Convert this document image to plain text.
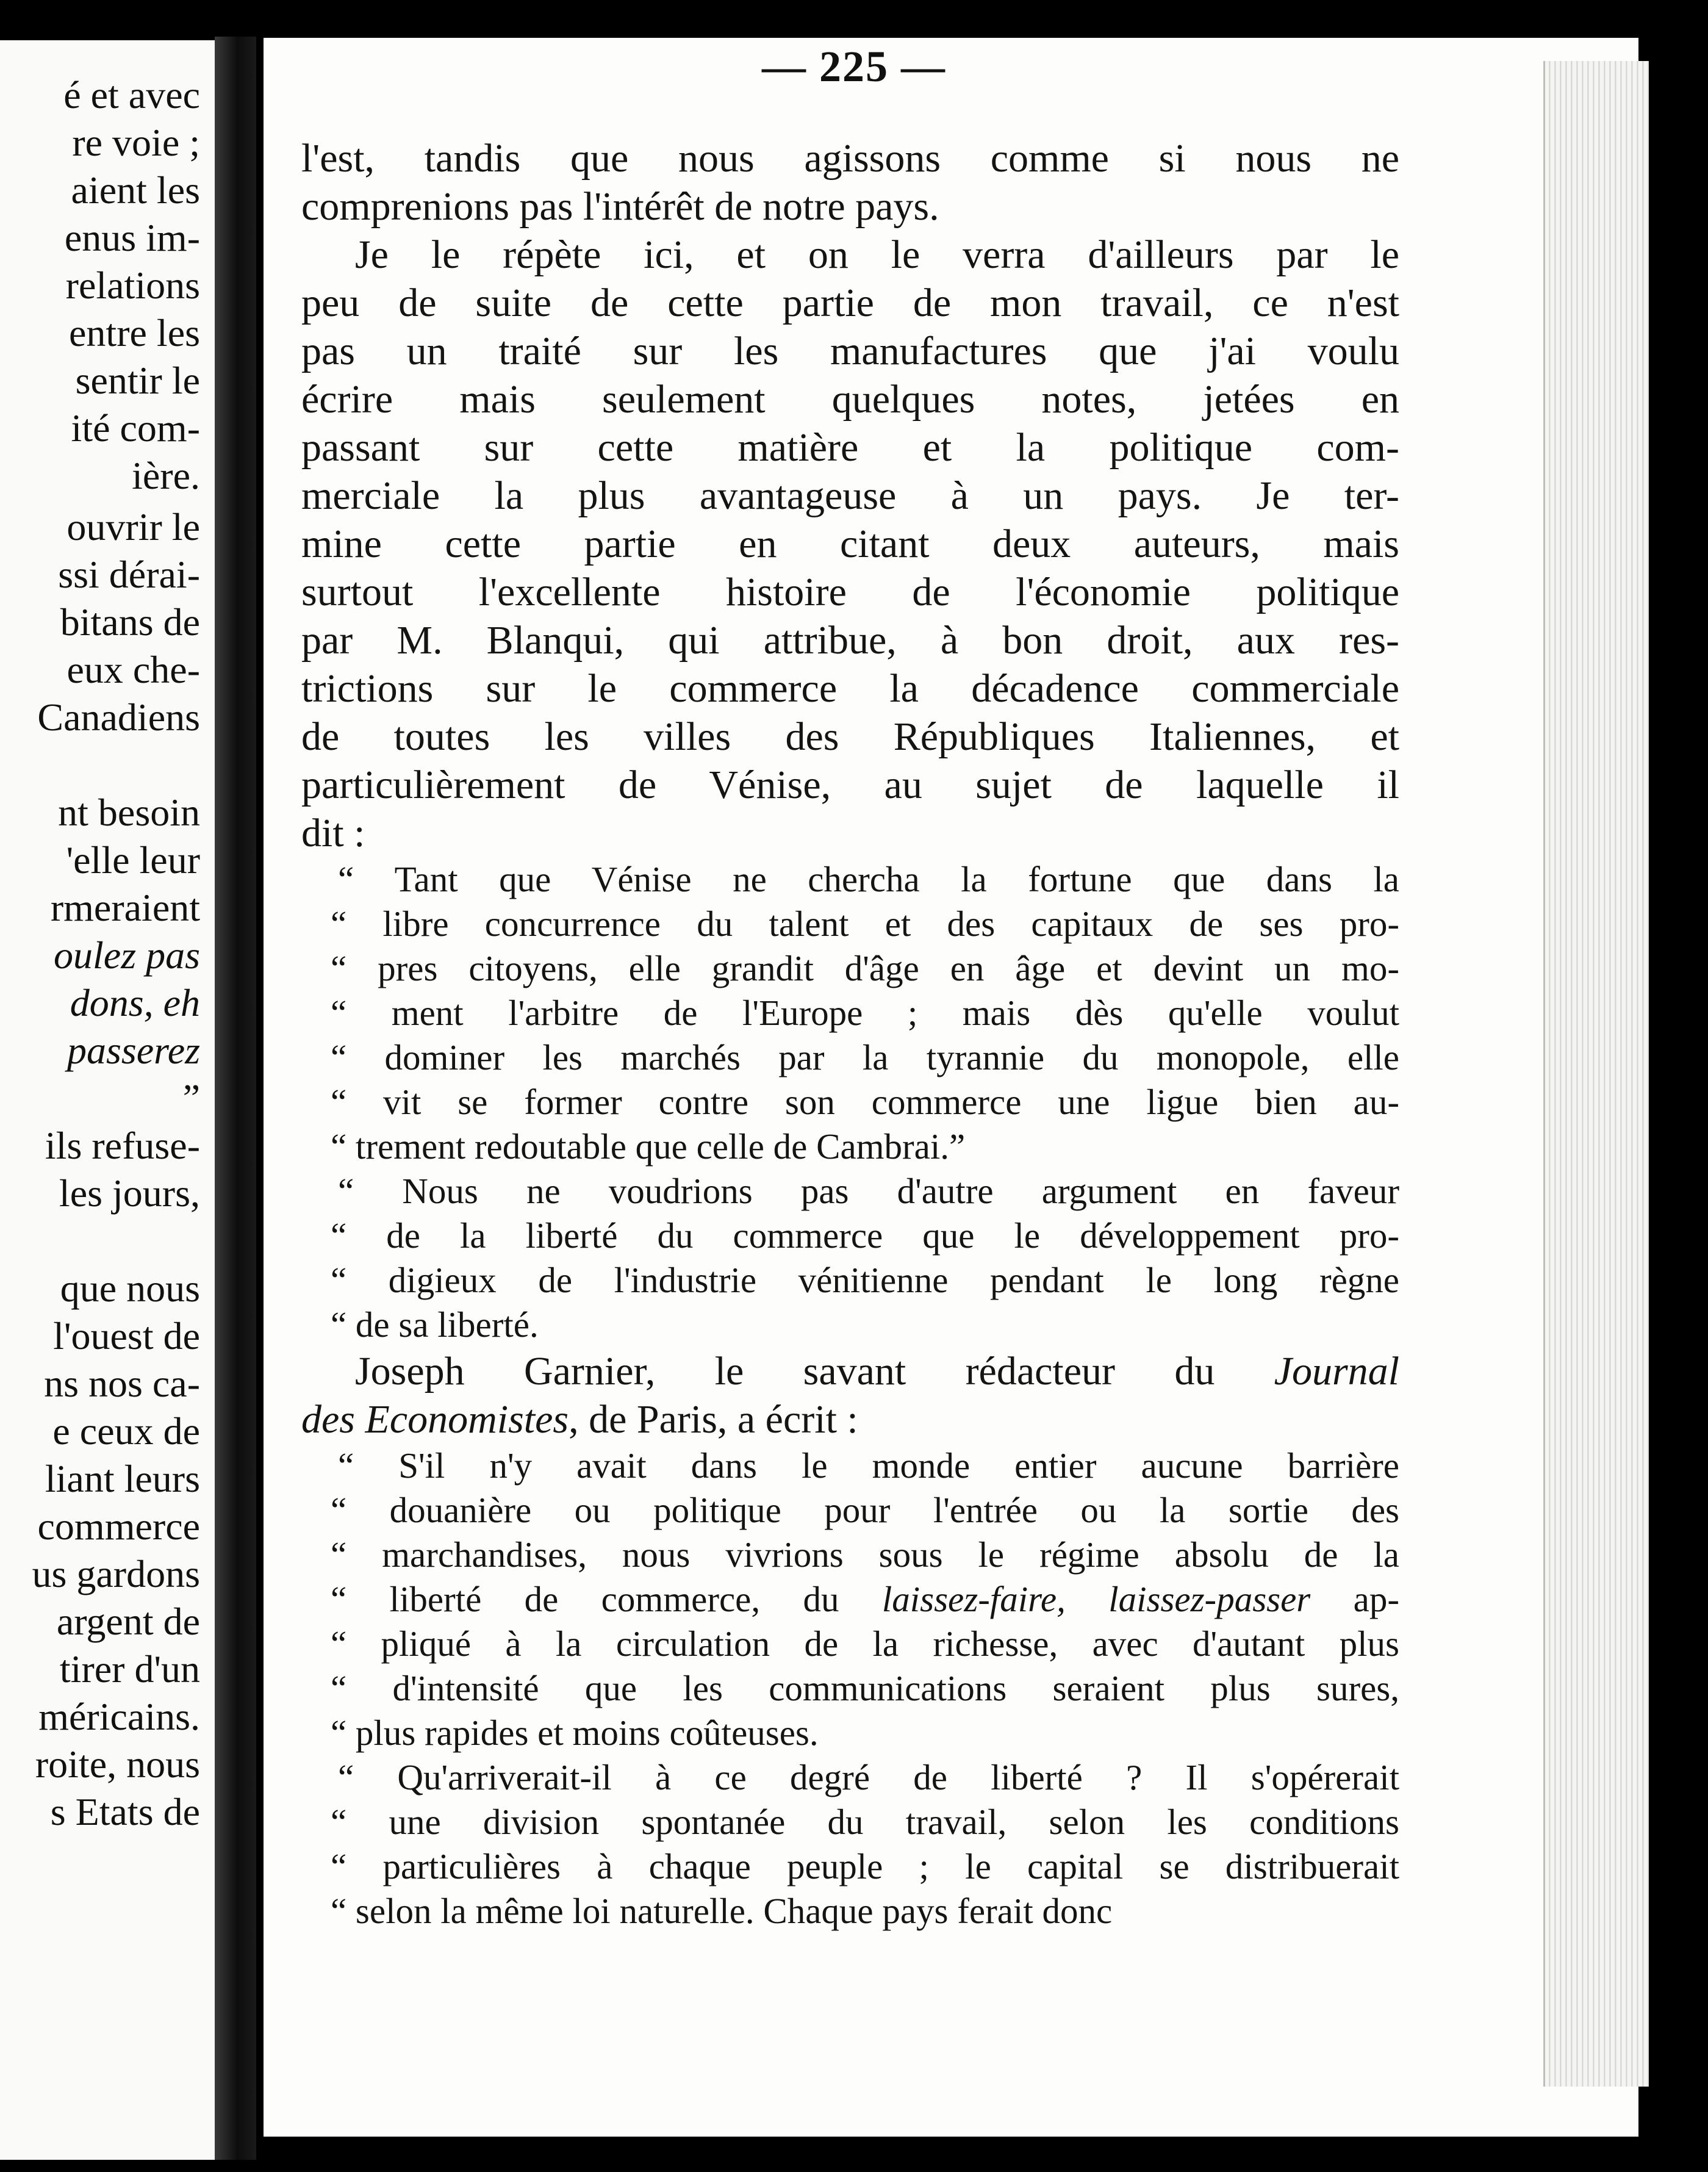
é et avec
re voie ;
aient les
enus im-
relations
entre les
sentir le
ité com-
ière.
ouvrir le
ssi dérai-
bitans de
eux che-
Canadiens
nt besoin
'elle leur
rmeraient
oulez pas
dons, eh
passerez
”
ils refuse-
les jours,
que nous
l'ouest de
ns nos ca-
e ceux de
liant leurs
commerce
us gardons
argent de
tirer d'un
méricains.
roite, nous
s Etats de
— 225 —
l'est, tandis que nous agissons comme si nous ne
comprenions pas l'intérêt de notre pays.
Je le répète ici, et on le verra d'ailleurs par le
peu de suite de cette partie de mon travail, ce n'est
pas un traité sur les manufactures que j'ai voulu
écrire mais seulement quelques notes, jetées en
passant sur cette matière et la politique com-
merciale la plus avantageuse à un pays. Je ter-
mine cette partie en citant deux auteurs, mais
surtout l'excellente histoire de l'économie politique
par M. Blanqui, qui attribue, à bon droit, aux res-
trictions sur le commerce la décadence commerciale
de toutes les villes des Républiques Italiennes, et
particulièrement de Vénise, au sujet de laquelle il
dit :
“ Tant que Vénise ne chercha la fortune que dans la
“ libre concurrence du talent et des capitaux de ses pro-
“ pres citoyens, elle grandit d'âge en âge et devint un mo-
“ ment l'arbitre de l'Europe ; mais dès qu'elle voulut
“ dominer les marchés par la tyrannie du monopole, elle
“ vit se former contre son commerce une ligue bien au-
“ trement redoutable que celle de Cambrai.”
“ Nous ne voudrions pas d'autre argument en faveur
“ de la liberté du commerce que le développement pro-
“ digieux de l'industrie vénitienne pendant le long règne
“ de sa liberté.
Joseph Garnier, le savant rédacteur du Journal
des Economistes, de Paris, a écrit :
“ S'il n'y avait dans le monde entier aucune barrière
“ douanière ou politique pour l'entrée ou la sortie des
“ marchandises, nous vivrions sous le régime absolu de la
“ liberté de commerce, du laissez-faire, laissez-passer ap-
“ pliqué à la circulation de la richesse, avec d'autant plus
“ d'intensité que les communications seraient plus sures,
“ plus rapides et moins coûteuses.
“ Qu'arriverait-il à ce degré de liberté ? Il s'opérerait
“ une division spontanée du travail, selon les conditions
“ particulières à chaque peuple ; le capital se distribuerait
“ selon la même loi naturelle. Chaque pays ferait donc
